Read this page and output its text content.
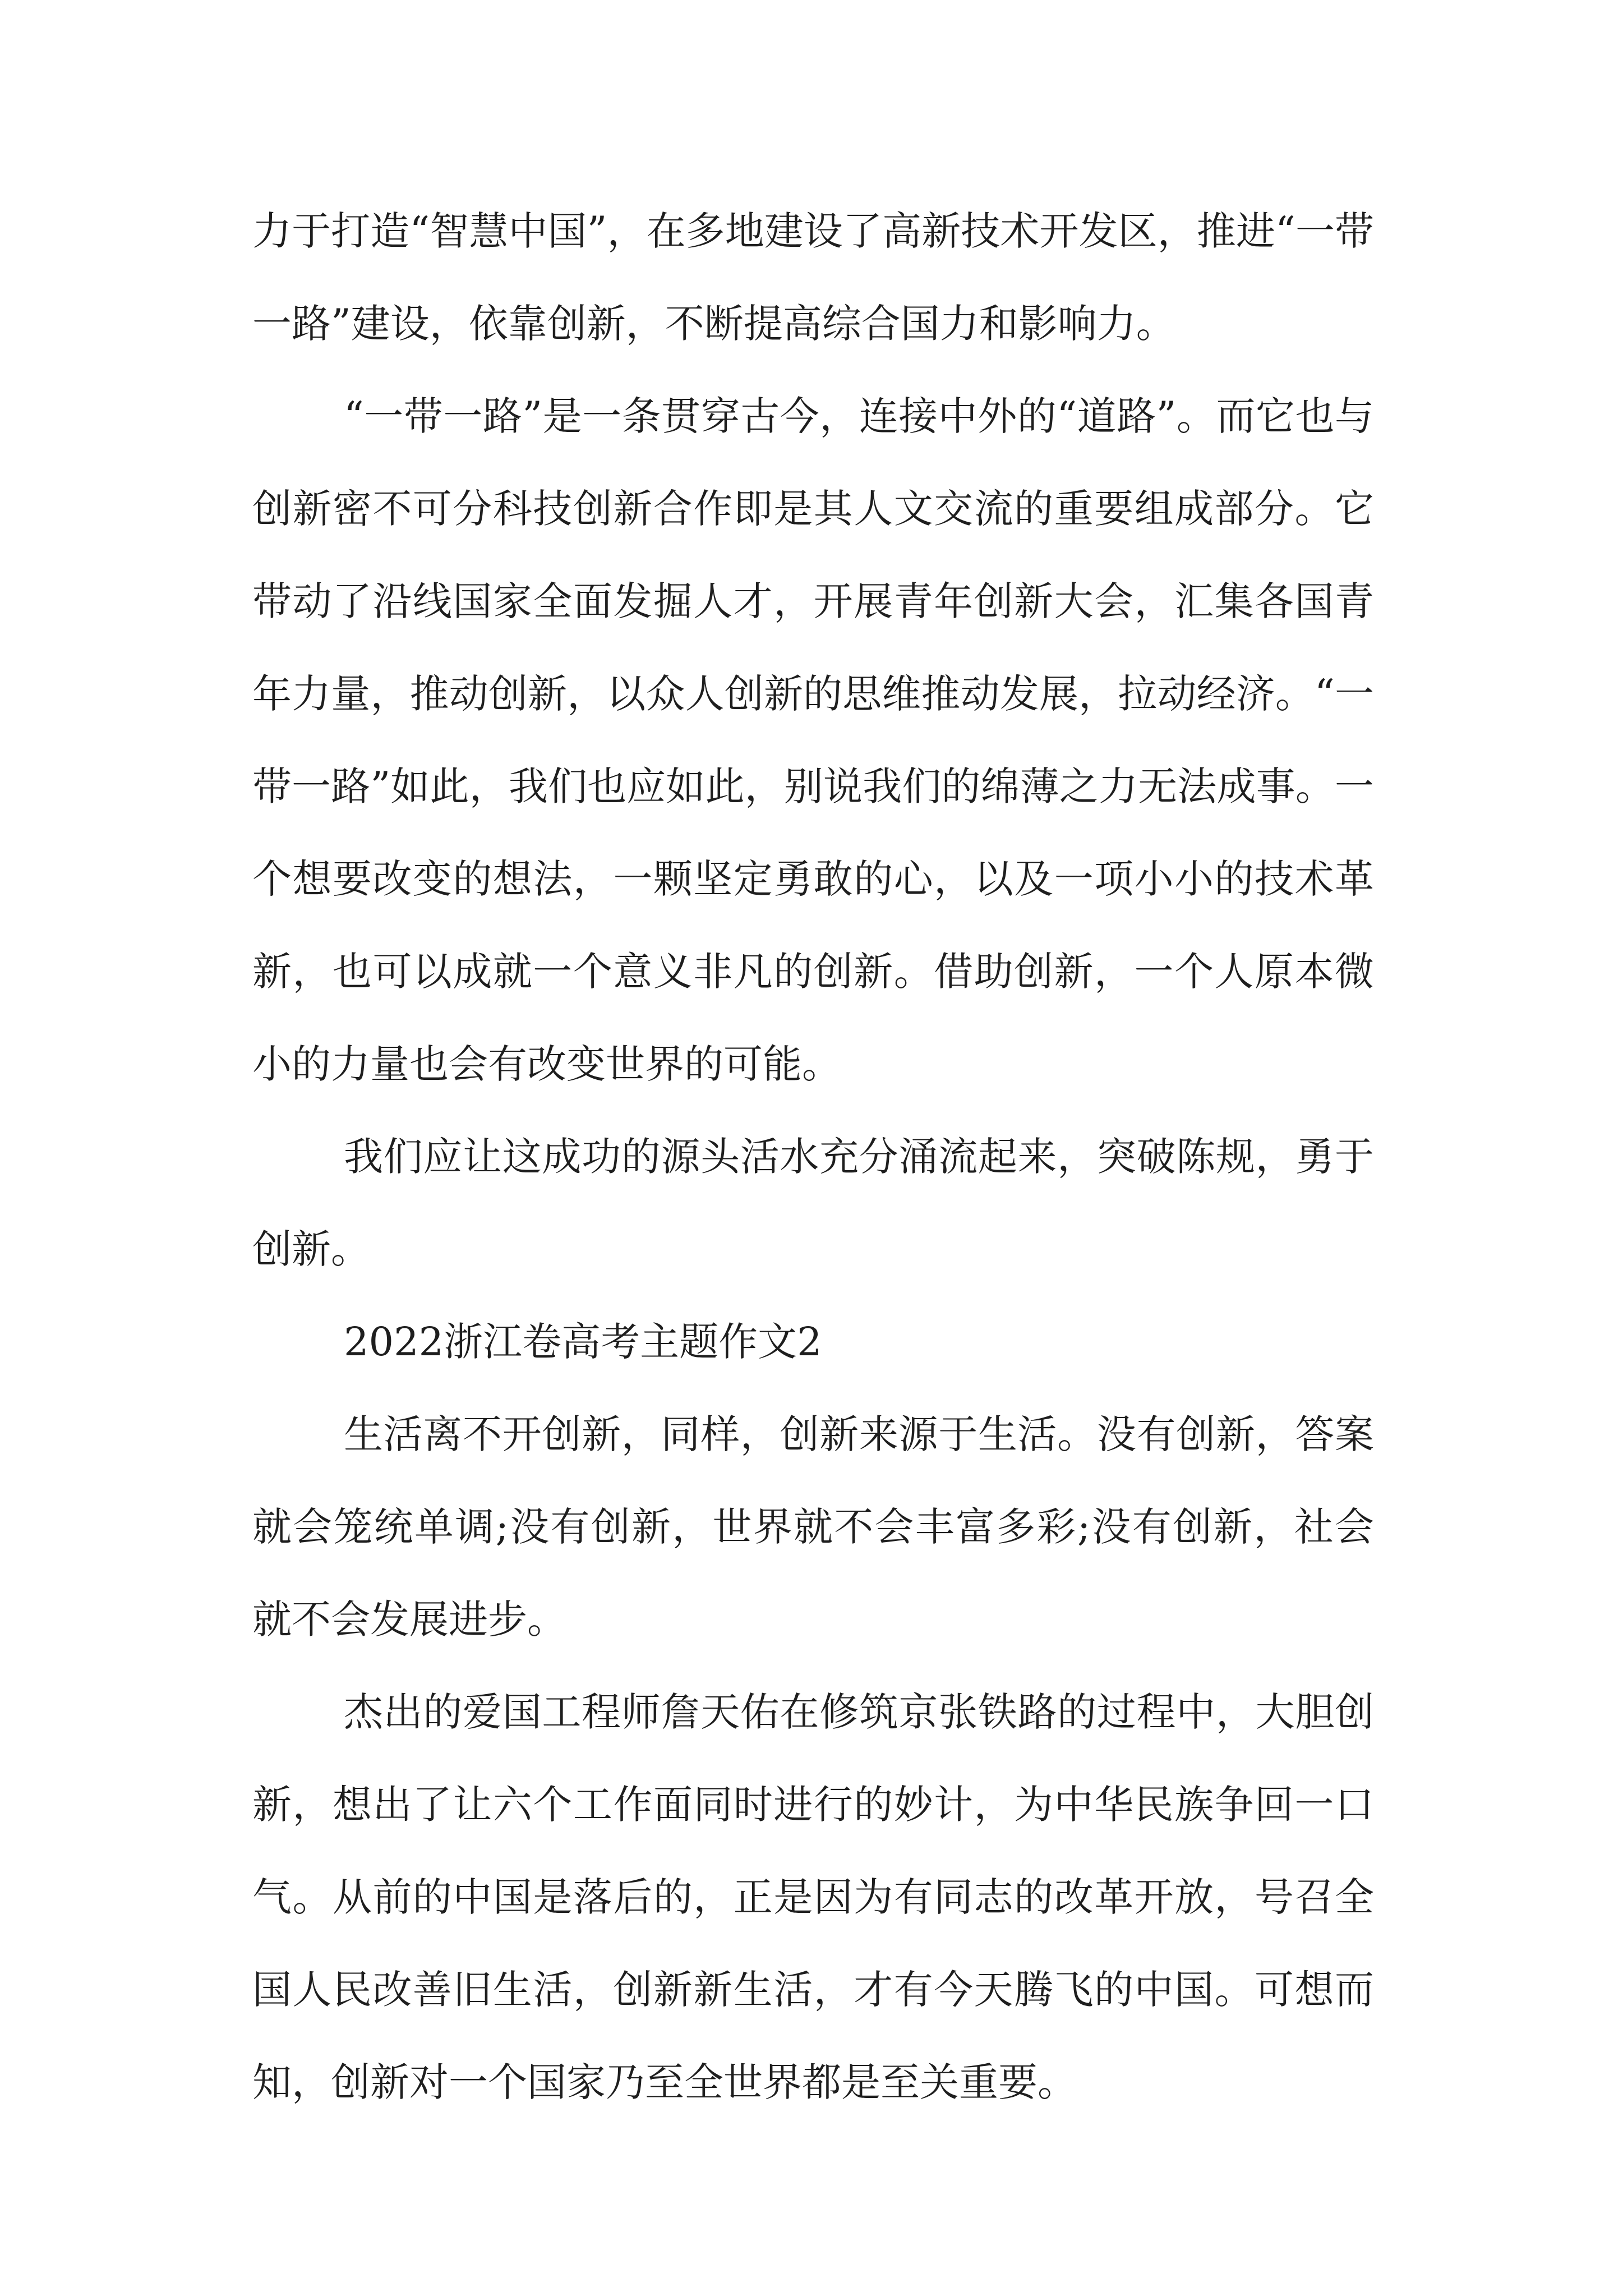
力于打造“智慧中国”，在多地建设了高新技术开发区，推进“一带一路”建设，依靠创新，不断提高综合国力和影响力。

“一带一路”是一条贯穿古今，连接中外的“道路”。而它也与创新密不可分科技创新合作即是其人文交流的重要组成部分。它带动了沿线国家全面发掘人才，开展青年创新大会，汇集各国青年力量，推动创新，以众人创新的思维推动发展，拉动经济。“一带一路”如此，我们也应如此，别说我们的绵薄之力无法成事。一个想要改变的想法，一颗坚定勇敢的心，以及一项小小的技术革新，也可以成就一个意义非凡的创新。借助创新，一个人原本微小的力量也会有改变世界的可能。

我们应让这成功的源头活水充分涌流起来，突破陈规，勇于创新。

2022浙江卷高考主题作文2

生活离不开创新，同样，创新来源于生活。没有创新，答案就会笼统单调;没有创新，世界就不会丰富多彩;没有创新，社会就不会发展进步。

杰出的爱国工程师詹天佑在修筑京张铁路的过程中，大胆创新，想出了让六个工作面同时进行的妙计，为中华民族争回一口气。从前的中国是落后的，正是因为有同志的改革开放，号召全国人民改善旧生活，创新新生活，才有今天腾飞的中国。可想而知，创新对一个国家乃至全世界都是至关重要。
